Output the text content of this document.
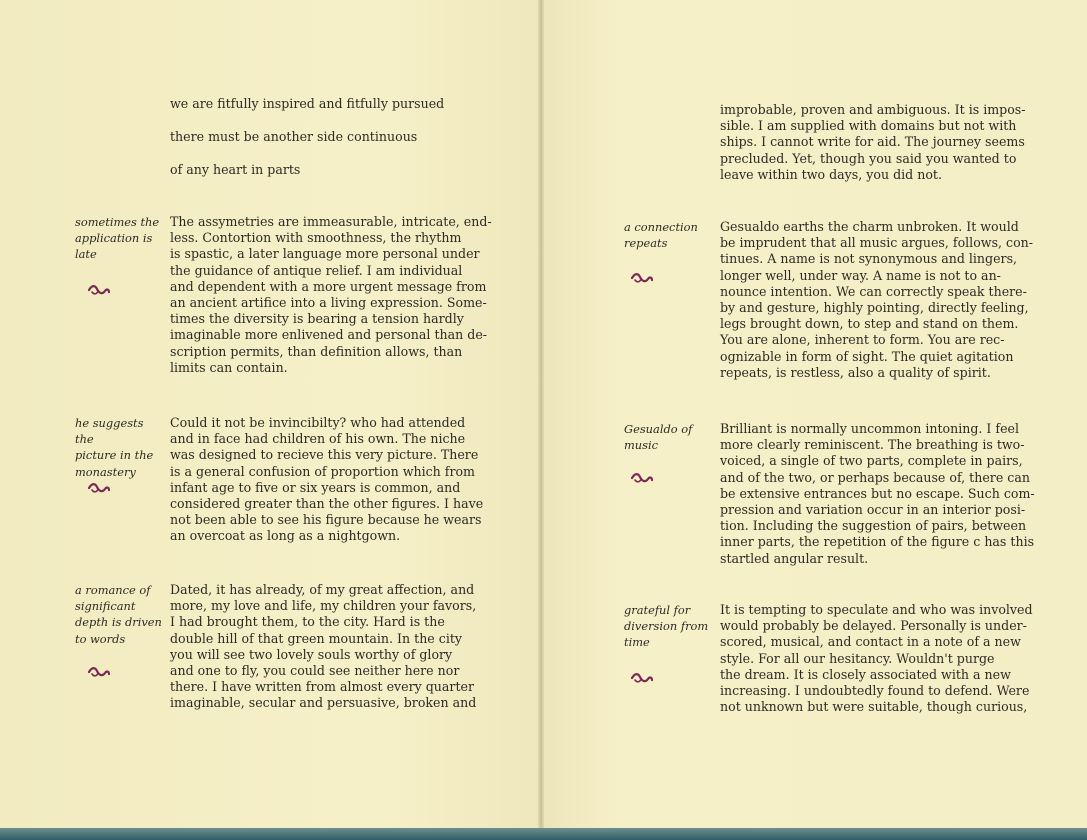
we are fitfully inspired and fitfully pursued
there must be another side continuous
of any heart in parts
sometimes the
application is
late
The assymetries are immeasurable, intricate, end-
less. Contortion with smoothness, the rhythm
is spastic, a later language more personal under
the guidance of antique relief. I am individual
and dependent with a more urgent message from
an ancient artifice into a living expression. Some-
times the diversity is bearing a tension hardly
imaginable more enlivened and personal than de-
scription permits, than definition allows, than
limits can contain.
he suggests the
picture in the
monastery
Could it not be invincibilty? who had attended
and in face had children of his own. The niche
was designed to recieve this very picture. There
is a general confusion of proportion which from
infant age to five or six years is common, and
considered greater than the other figures. I have
not been able to see his figure because he wears
an overcoat as long as a nightgown.
a romance of
significant
depth is driven
to words
Dated, it has already, of my great affection, and
more, my love and life, my children your favors,
I had brought them, to the city. Hard is the
double hill of that green mountain. In the city
you will see two lovely souls worthy of glory
and one to fly, you could see neither here nor
there. I have written from almost every quarter
imaginable, secular and persuasive, broken and
improbable, proven and ambiguous. It is impos-
sible. I am supplied with domains but not with
ships. I cannot write for aid. The journey seems
precluded. Yet, though you said you wanted to
leave within two days, you did not.
a connection
repeats
Gesualdo earths the charm unbroken. It would
be imprudent that all music argues, follows, con-
tinues. A name is not synonymous and lingers,
longer well, under way. A name is not to an-
nounce intention. We can correctly speak there-
by and gesture, highly pointing, directly feeling,
legs brought down, to step and stand on them.
You are alone, inherent to form. You are rec-
ognizable in form of sight. The quiet agitation
repeats, is restless, also a quality of spirit.
Gesualdo of
music
Brilliant is normally uncommon intoning. I feel
more clearly reminiscent. The breathing is two-
voiced, a single of two parts, complete in pairs,
and of the two, or perhaps because of, there can
be extensive entrances but no escape. Such com-
pression and variation occur in an interior posi-
tion. Including the suggestion of pairs, between
inner parts, the repetition of the figure c has this
startled angular result.
grateful for
diversion from
time
It is tempting to speculate and who was involved
would probably be delayed. Personally is under-
scored, musical, and contact in a note of a new
style. For all our hesitancy. Wouldn't purge
the dream. It is closely associated with a new
increasing. I undoubtedly found to defend. Were
not unknown but were suitable, though curious,
